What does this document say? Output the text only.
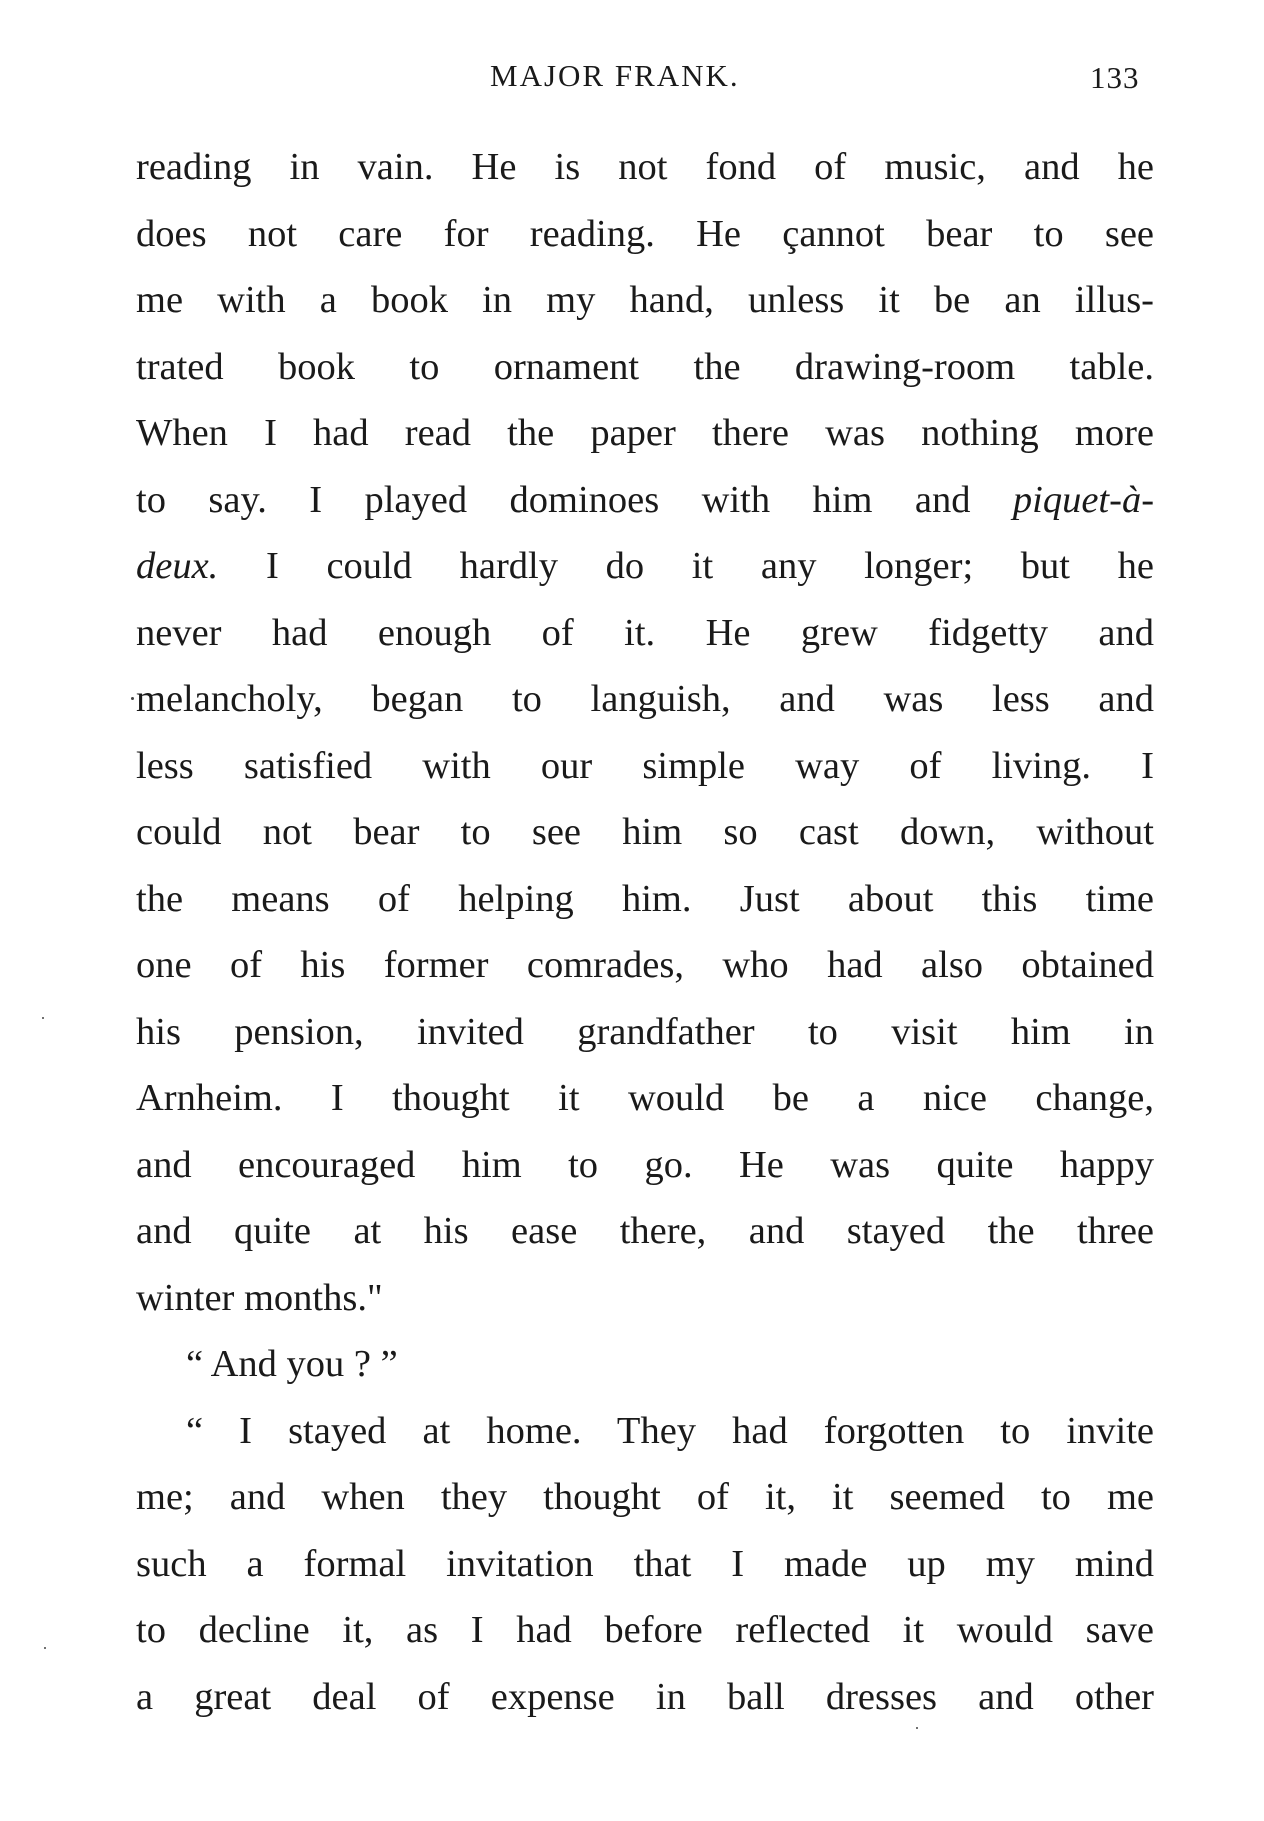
MAJOR FRANK.	133
reading in vain. He is not fond of music, and he
does not care for reading. He çannot bear to see
me with a book in my hand, unless it be an illus-
trated book to ornament the drawing-room table.
When I had read the paper there was nothing more
to say. I played dominoes with him and piquet-à-
deux. I could hardly do it any longer; but he
never had enough of it. He grew fidgetty and
melancholy, began to languish, and was less and
less satisfied with our simple way of living. I
could not bear to see him so cast down, without
the means of helping him. Just about this time
one of his former comrades, who had also obtained
his pension, invited grandfather to visit him in
Arnheim. I thought it would be a nice change,
and encouraged him to go. He was quite happy
and quite at his ease there, and stayed the three
winter months."
“ And you ? ”
“ I stayed at home. They had forgotten to invite
me; and when they thought of it, it seemed to me
such a formal invitation that I made up my mind
to decline it, as I had before reflected it would save
a great deal of expense in ball dresses and other
